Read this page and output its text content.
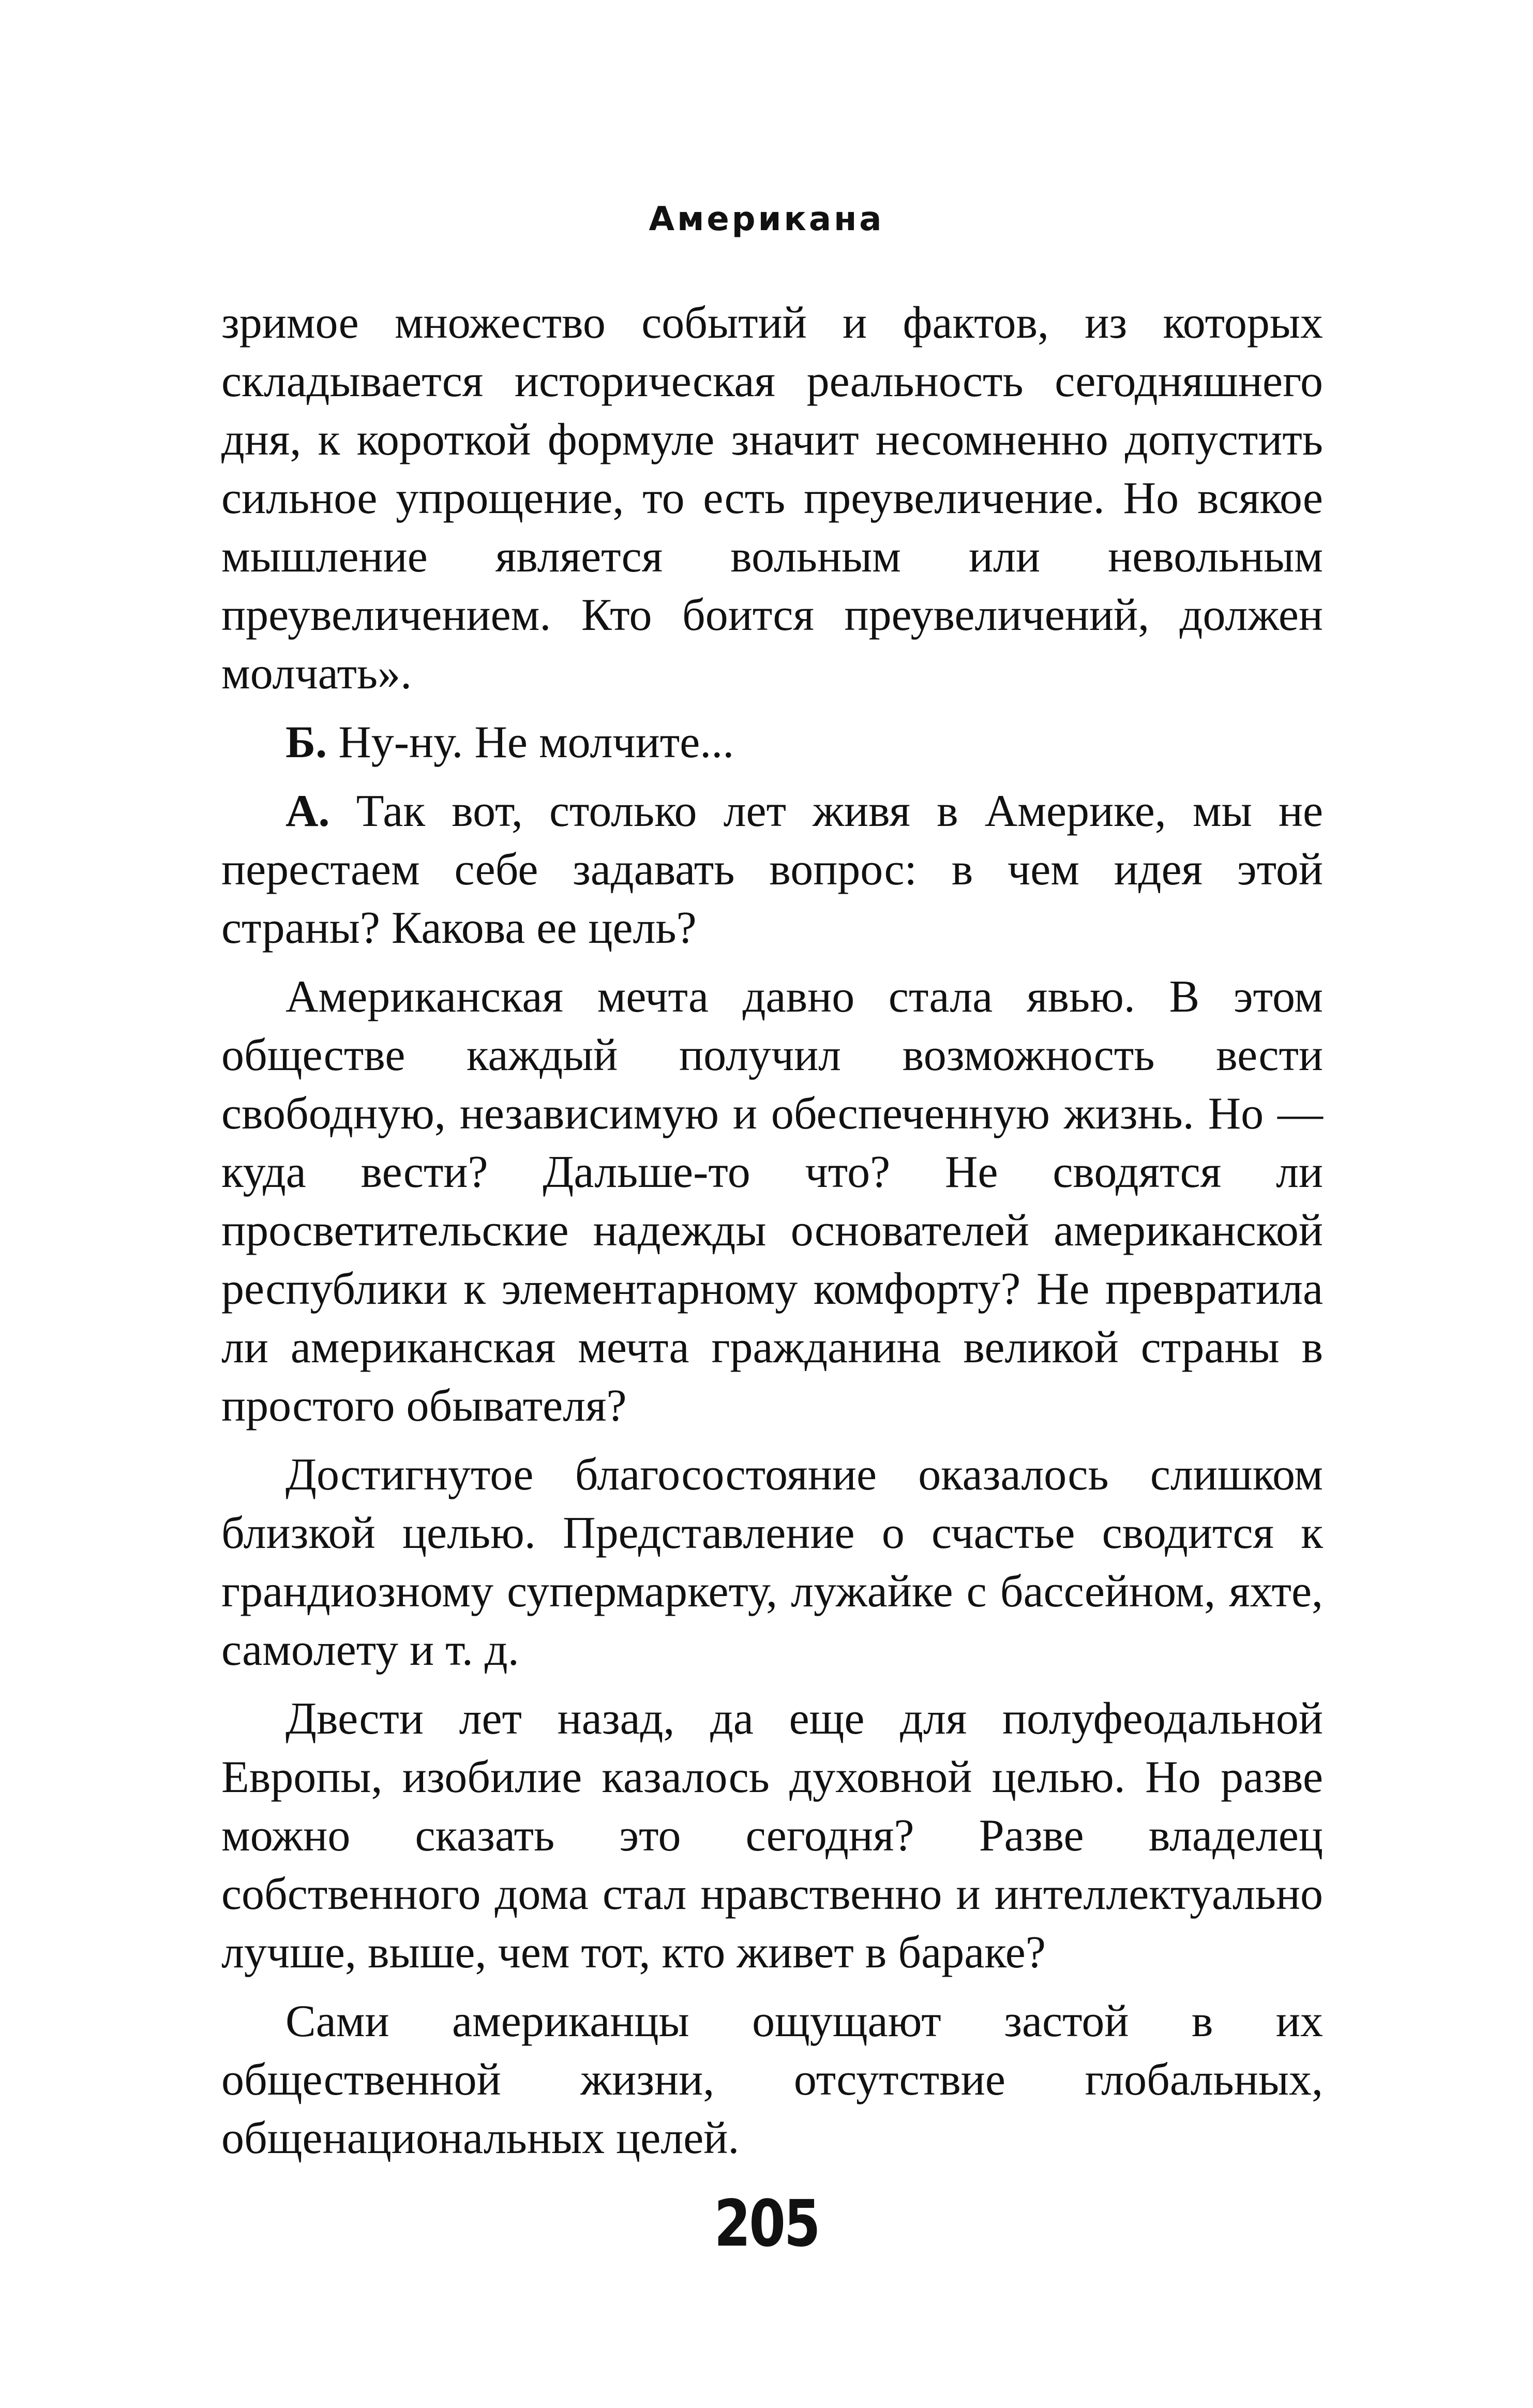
Американа

зримое множество событий и фактов, из которых складывается историческая реальность сегодняшнего дня, к короткой формуле значит несомненно допустить сильное упрощение, то есть преувеличение. Но всякое мышление является вольным или невольным преувеличением. Кто боится преувеличений, должен молчать».

Б. Ну-ну. Не молчите...

А. Так вот, столько лет живя в Америке, мы не перестаем себе задавать вопрос: в чем идея этой страны? Какова ее цель?

Американская мечта давно стала явью. В этом обществе каждый получил возможность вести свободную, независимую и обеспеченную жизнь. Но — куда вести? Дальше-то что? Не сводятся ли просветительские надежды основателей американской республики к элементарному комфорту? Не превратила ли американская мечта гражданина великой страны в простого обывателя?

Достигнутое благосостояние оказалось слишком близкой целью. Представление о счастье сводится к грандиозному супермаркету, лужайке с бассейном, яхте, самолету и т. д.

Двести лет назад, да еще для полуфеодальной Европы, изобилие казалось духовной целью. Но разве можно сказать это сегодня? Разве владелец собственного дома стал нравственно и интеллектуально лучше, выше, чем тот, кто живет в бараке?

Сами американцы ощущают застой в их общественной жизни, отсутствие глобальных, общенациональных целей.

205
